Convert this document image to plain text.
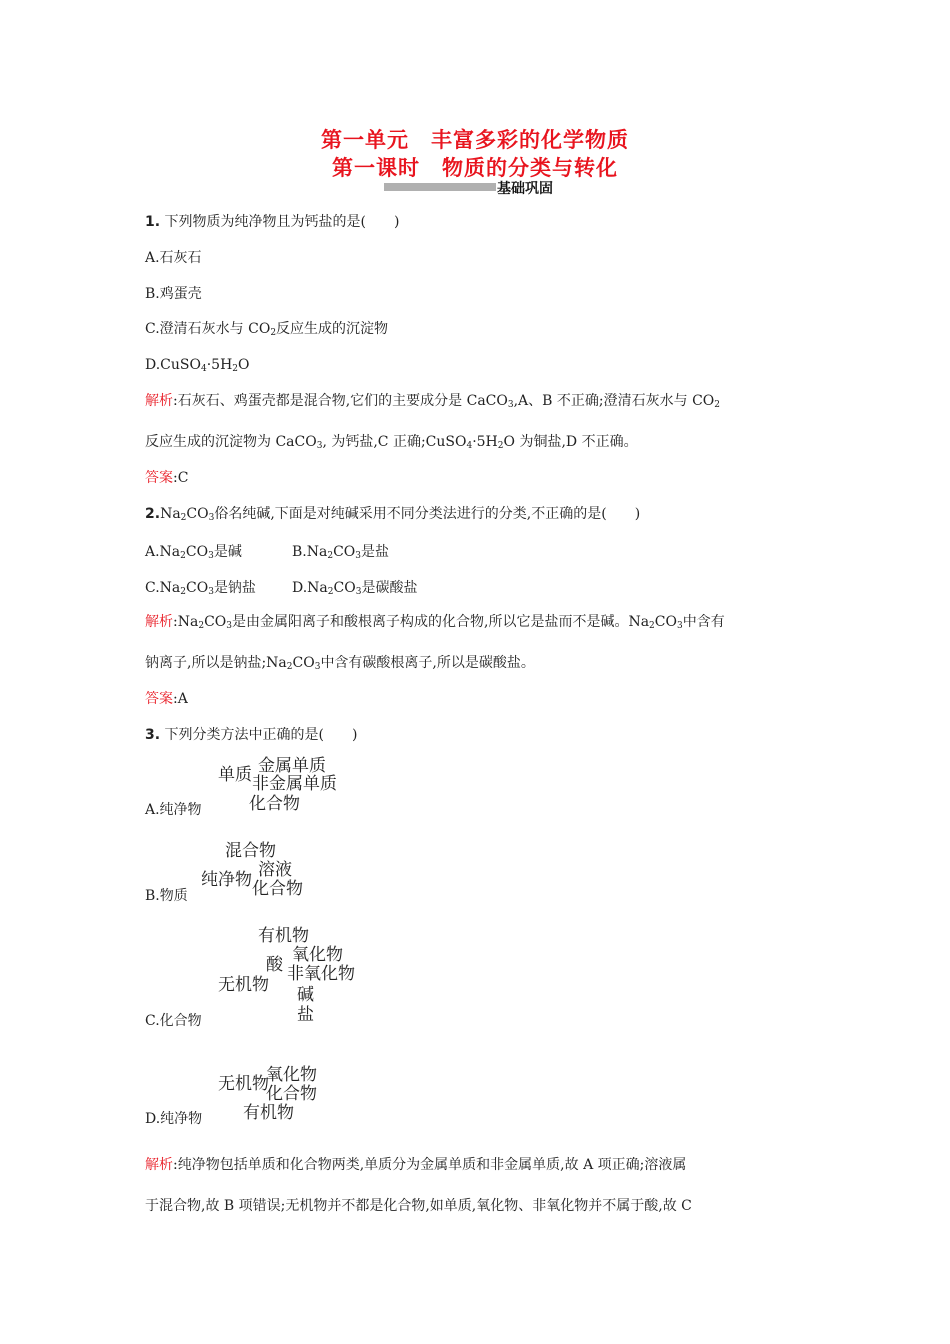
第一单元　丰富多彩的化学物质
第一课时　物质的分类与转化
基础巩固
1. 下列物质为纯净物且为钙盐的是(　　)
A.石灰石
B.鸡蛋壳
C.澄清石灰水与 $CO_2$反应生成的沉淀物
$D.CuSO_4\cdot 5H_2O$
解析:石灰石、鸡蛋壳都是混合物,它们的主要成分是 CaCO$_3$,A、B 不正确;澄清石灰水与 $CO_2$
反应生成的沉淀物为 CaCO$_3$, 为钙盐,C 正确$;CuSO_4\cdot 5H_2O$ 为铜盐,D 不正确。
答案:C
$2.Na_2CO_3$俗名纯碱,下面是对纯碱采用不同分类法进行的分类,不正确的是(　　)
$A.Na_2CO_3$是碱	$B.Na_2CO_3$是盐
$C.Na_2CO_3$是钠盐	$D.Na_2CO_3$是碳酸盐
解析$:Na_2CO_3$是由金属阳离子和酸根离子构成的化合物,所以它是盐而不是碱。$Na_2CO_3$中含有
钠离子,所以是钠盐$;Na_2CO_3$中含有碳酸根离子,所以是碳酸盐。
答案:A
3. 下列分类方法中正确的是(　　)
单质 金属单质
非金属单质
化合物
A.纯净物
混合物
溶液
纯净物 化合物
B.物质
有机物
氧化物
酸 非氧化物
无机物	碱
盐
C.化合物
氧化物
无机物
化合物
有机物
D.纯净物
解析:纯净物包括单质和化合物两类,单质分为金属单质和非金属单质,故 A 项正确;溶液属
于混合物,故 B 项错误;无机物并不都是化合物,如单质,氧化物、非氧化物并不属于酸,故 C
